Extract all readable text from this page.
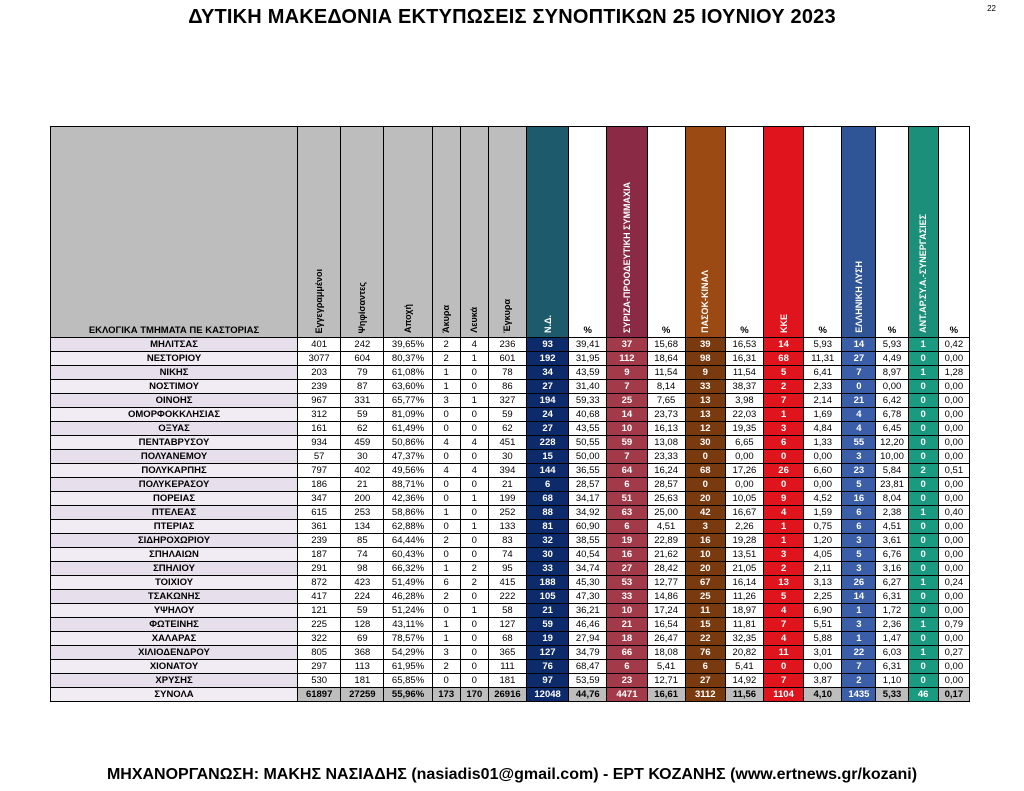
22
ΔΥΤΙΚΗ ΜΑΚΕΔΟΝΙΑ ΕΚΤΥΠΩΣΕΙΣ ΣΥΝΟΠΤΙΚΩΝ 25 ΙΟΥΝΙΟΥ 2023
ΕΚΛΟΓΙΚΑ ΤΜΗΜΑΤΑ ΠΕ ΚΑΣΤΟΡΙΑΣ	Εγγεγραμμένοι	Ψηφίσαντες	Αποχή	Άκυρα	Λευκά	Έγκυρα	Ν.Δ.	%	ΣΥΡΙΖΑ-ΠΡΟΟΔΕΥΤΙΚΗ ΣΥΜΜΑΧΙΑ	%	ΠΑΣΟΚ-ΚΙΝΑΛ	%	ΚΚΕ	%	ΕΛΛΗΝΙΚΗ ΛΥΣΗ	%	ΑΝΤ.ΑΡ.ΣΥ.Α.-ΣΥΝΕΡΓΑΣΙΕΣ	%
ΜΗΛΙΤΣΑΣ	401	242	39,65%	2	4	236	93	39,41	37	15,68	39	16,53	14	5,93	14	5,93	1	0,42
ΝΕΣΤΟΡΙΟΥ	3077	604	80,37%	2	1	601	192	31,95	112	18,64	98	16,31	68	11,31	27	4,49	0	0,00
ΝΙΚΗΣ	203	79	61,08%	1	0	78	34	43,59	9	11,54	9	11,54	5	6,41	7	8,97	1	1,28
ΝΟΣΤΙΜΟΥ	239	87	63,60%	1	0	86	27	31,40	7	8,14	33	38,37	2	2,33	0	0,00	0	0,00
ΟΙΝΟΗΣ	967	331	65,77%	3	1	327	194	59,33	25	7,65	13	3,98	7	2,14	21	6,42	0	0,00
ΟΜΟΡΦΟΚΚΛΗΣΙΑΣ	312	59	81,09%	0	0	59	24	40,68	14	23,73	13	22,03	1	1,69	4	6,78	0	0,00
ΟΞΥΑΣ	161	62	61,49%	0	0	62	27	43,55	10	16,13	12	19,35	3	4,84	4	6,45	0	0,00
ΠΕΝΤΑΒΡΥΣΟΥ	934	459	50,86%	4	4	451	228	50,55	59	13,08	30	6,65	6	1,33	55	12,20	0	0,00
ΠΟΛΥΑΝΕΜΟΥ	57	30	47,37%	0	0	30	15	50,00	7	23,33	0	0,00	0	0,00	3	10,00	0	0,00
ΠΟΛΥΚΑΡΠΗΣ	797	402	49,56%	4	4	394	144	36,55	64	16,24	68	17,26	26	6,60	23	5,84	2	0,51
ΠΟΛΥΚΕΡΑΣΟΥ	186	21	88,71%	0	0	21	6	28,57	6	28,57	0	0,00	0	0,00	5	23,81	0	0,00
ΠΟΡΕΙΑΣ	347	200	42,36%	0	1	199	68	34,17	51	25,63	20	10,05	9	4,52	16	8,04	0	0,00
ΠΤΕΛΕΑΣ	615	253	58,86%	1	0	252	88	34,92	63	25,00	42	16,67	4	1,59	6	2,38	1	0,40
ΠΤΕΡΙΑΣ	361	134	62,88%	0	1	133	81	60,90	6	4,51	3	2,26	1	0,75	6	4,51	0	0,00
ΣΙΔΗΡΟΧΩΡΙΟΥ	239	85	64,44%	2	0	83	32	38,55	19	22,89	16	19,28	1	1,20	3	3,61	0	0,00
ΣΠΗΛΑΙΩΝ	187	74	60,43%	0	0	74	30	40,54	16	21,62	10	13,51	3	4,05	5	6,76	0	0,00
ΣΠΗΛΙΟΥ	291	98	66,32%	1	2	95	33	34,74	27	28,42	20	21,05	2	2,11	3	3,16	0	0,00
ΤΟΙΧΙΟΥ	872	423	51,49%	6	2	415	188	45,30	53	12,77	67	16,14	13	3,13	26	6,27	1	0,24
ΤΣΑΚΩΝΗΣ	417	224	46,28%	2	0	222	105	47,30	33	14,86	25	11,26	5	2,25	14	6,31	0	0,00
ΥΨΗΛΟΥ	121	59	51,24%	0	1	58	21	36,21	10	17,24	11	18,97	4	6,90	1	1,72	0	0,00
ΦΩΤΕΙΝΗΣ	225	128	43,11%	1	0	127	59	46,46	21	16,54	15	11,81	7	5,51	3	2,36	1	0,79
ΧΑΛΑΡΑΣ	322	69	78,57%	1	0	68	19	27,94	18	26,47	22	32,35	4	5,88	1	1,47	0	0,00
ΧΙΛΙΟΔΕΝΔΡΟΥ	805	368	54,29%	3	0	365	127	34,79	66	18,08	76	20,82	11	3,01	22	6,03	1	0,27
ΧΙΟΝΑΤΟΥ	297	113	61,95%	2	0	111	76	68,47	6	5,41	6	5,41	0	0,00	7	6,31	0	0,00
ΧΡΥΣΗΣ	530	181	65,85%	0	0	181	97	53,59	23	12,71	27	14,92	7	3,87	2	1,10	0	0,00
ΣΥΝΟΛΑ	61897	27259	55,96%	173	170	26916	12048	44,76	4471	16,61	3112	11,56	1104	4,10	1435	5,33	46	0,17
ΜΗΧΑΝΟΡΓΑΝΩΣΗ: ΜΑΚΗΣ ΝΑΣΙΑΔΗΣ (nasiadis01@gmail.com) - ΕΡΤ ΚΟΖΑΝΗΣ (www.ertnews.gr/kozani)
